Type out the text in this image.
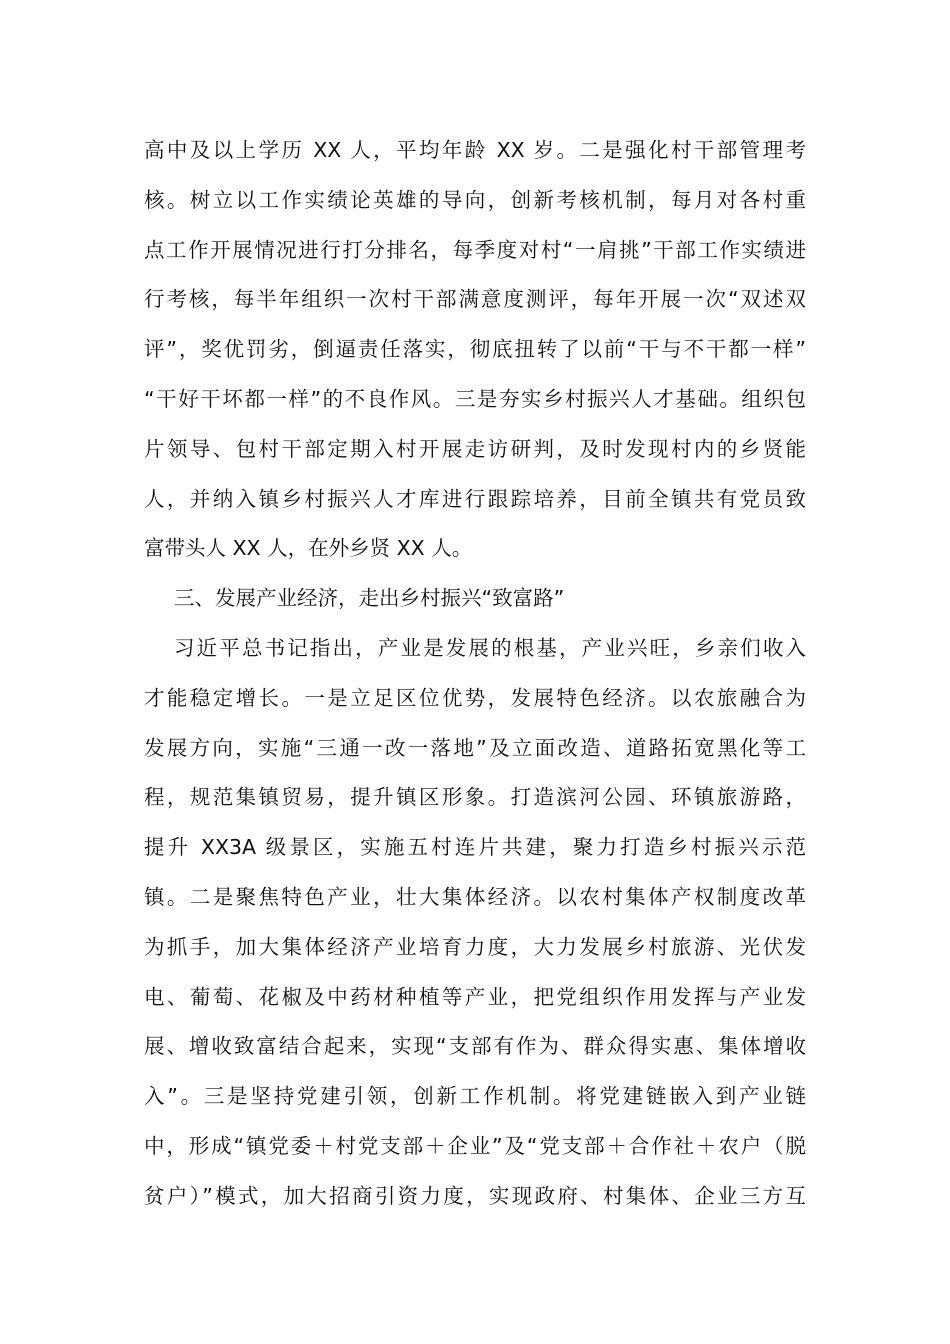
高中及以上学历 XX 人，平均年龄 XX 岁。二是强化村干部管理考
核。树立以工作实绩论英雄的导向，创新考核机制，每月对各村重
点工作开展情况进行打分排名，每季度对村“一肩挑”干部工作实绩进
行考核，每半年组织一次村干部满意度测评，每年开展一次“双述双
评”，奖优罚劣，倒逼责任落实，彻底扭转了以前“干与不干都一样”
“干好干坏都一样”的不良作风。三是夯实乡村振兴人才基础。组织包
片领导、包村干部定期入村开展走访研判，及时发现村内的乡贤能
人，并纳入镇乡村振兴人才库进行跟踪培养，目前全镇共有党员致
富带头人 XX 人，在外乡贤 XX 人。
三、发展产业经济，走出乡村振兴“致富路”
习近平总书记指出，产业是发展的根基，产业兴旺，乡亲们收入
才能稳定增长。一是立足区位优势，发展特色经济。以农旅融合为
发展方向，实施“三通一改一落地”及立面改造、道路拓宽黑化等工
程，规范集镇贸易，提升镇区形象。打造滨河公园、环镇旅游路，
提升 XX3A 级景区，实施五村连片共建，聚力打造乡村振兴示范
镇。二是聚焦特色产业，壮大集体经济。以农村集体产权制度改革
为抓手，加大集体经济产业培育力度，大力发展乡村旅游、光伏发
电、葡萄、花椒及中药材种植等产业，把党组织作用发挥与产业发
展、增收致富结合起来，实现“支部有作为、群众得实惠、集体增收
入”。三是坚持党建引领，创新工作机制。将党建链嵌入到产业链
中，形成“镇党委＋村党支部＋企业”及“党支部＋合作社＋农户（脱
贫户）”模式，加大招商引资力度，实现政府、村集体、企业三方互
